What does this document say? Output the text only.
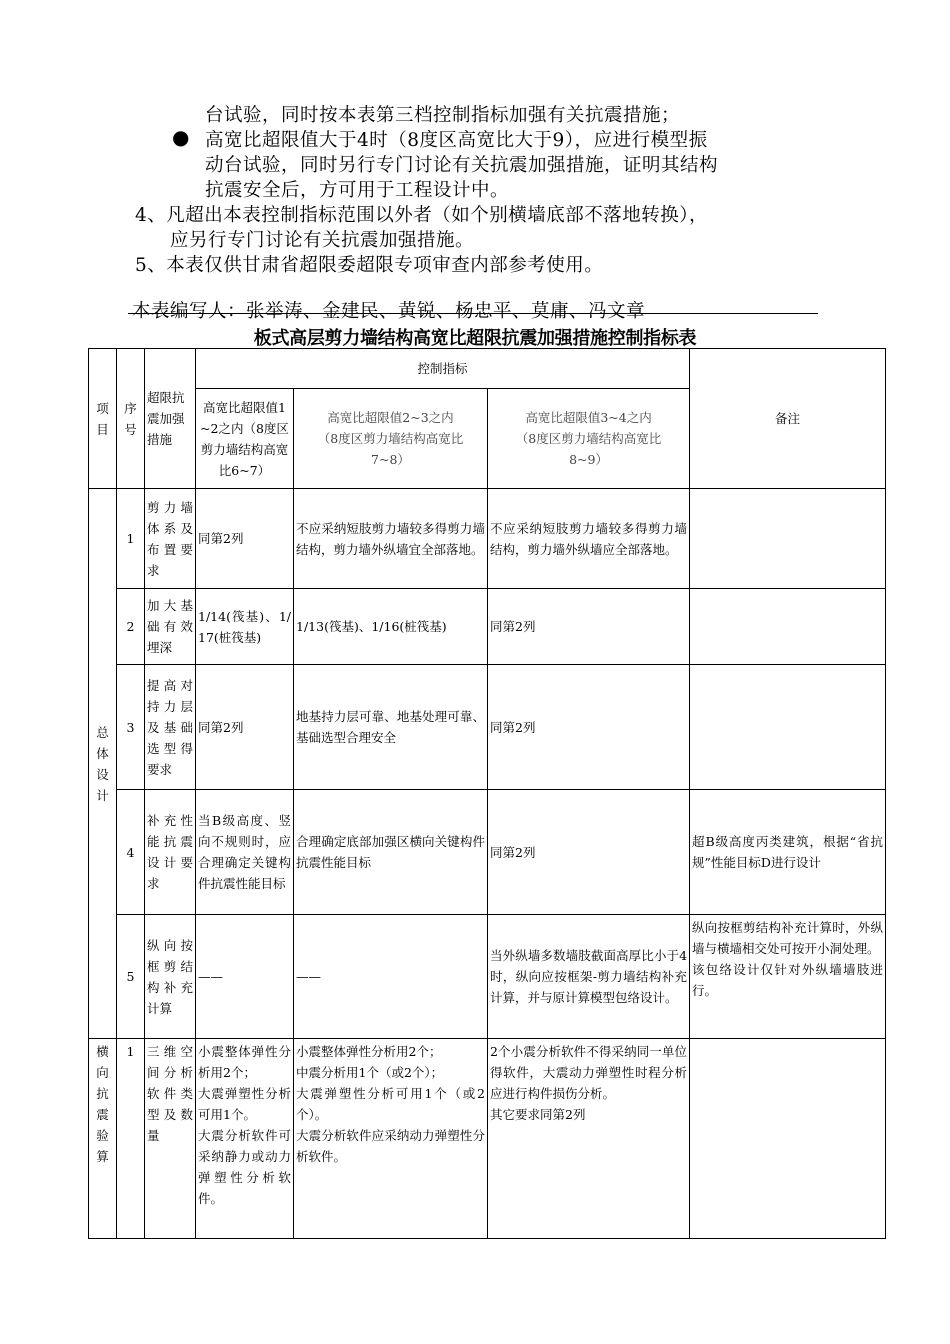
台试验，同时按本表第三档控制指标加强有关抗震措施；
● 高宽比超限值大于4时（8度区高宽比大于9），应进行模型振
动台试验，同时另行专门讨论有关抗震加强措施，证明其结构
抗震安全后，方可用于工程设计中。
4、凡超出本表控制指标范围以外者（如个别横墙底部不落地转换），
应另行专门讨论有关抗震加强措施。
5、本表仅供甘肃省超限委超限专项审查内部参考使用。
本表编写人：张举涛、金建民、黄锐、杨忠平、莫庸、冯文章
板式高层剪力墙结构高宽比超限抗震加强措施控制指标表
项目	序号	超限抗震加强措施	控制指标			备注
			高宽比超限值1~2之内（8度区剪力墙结构高宽比6~7）	高宽比超限值2~3之内
（8度区剪力墙结构高宽比
7~8）	高宽比超限值3~4之内
（8度区剪力墙结构高宽比
8~9）	
总体设计	1	剪力墙体系及布置要求	同第2列	不应采纳短肢剪力墙较多得剪力墙结构，剪力墙外纵墙宜全部落地。	不应采纳短肢剪力墙较多得剪力墙结构，剪力墙外纵墙应全部落地。	
	2	加大基础有效埋深	1/14(筏基)、1/17(桩筏基)	1/13(筏基)、1/16(桩筏基)	同第2列	
	3	提高对持力层及基础选型得要求	同第2列	地基持力层可靠、地基处理可靠、基础选型合理安全	同第2列	
	4	补充性能抗震设计要求	当B级高度、竖向不规则时，应合理确定关键构件抗震性能目标	合理确定底部加强区横向关键构件抗震性能目标	同第2列	超B级高度丙类建筑，根据“省抗规”性能目标D进行设计
	5	纵向按框剪结构补充计算	——	——	当外纵墙多数墙肢截面高厚比小于4时，纵向应按框架-剪力墙结构补充计算，并与原计算模型包络设计。	纵向按框剪结构补充计算时，外纵墙与横墙相交处可按开小洞处理。
该包络设计仅针对外纵墙墙肢进行。
横向抗震验算	1	三维空间分析软件类型及数量	小震整体弹性分析用2个；
大震弹塑性分析可用1个。
大震分析软件可采纳静力或动力弹塑性分析软件。	小震整体弹性分析用2个；
中震分析用1个（或2个）；
大震弹塑性分析可用1个（或2个）。
大震分析软件应采纳动力弹塑性分析软件。	2个小震分析软件不得采纳同一单位得软件，大震动力弹塑性时程分析应进行构件损伤分析。
其它要求同第2列	
